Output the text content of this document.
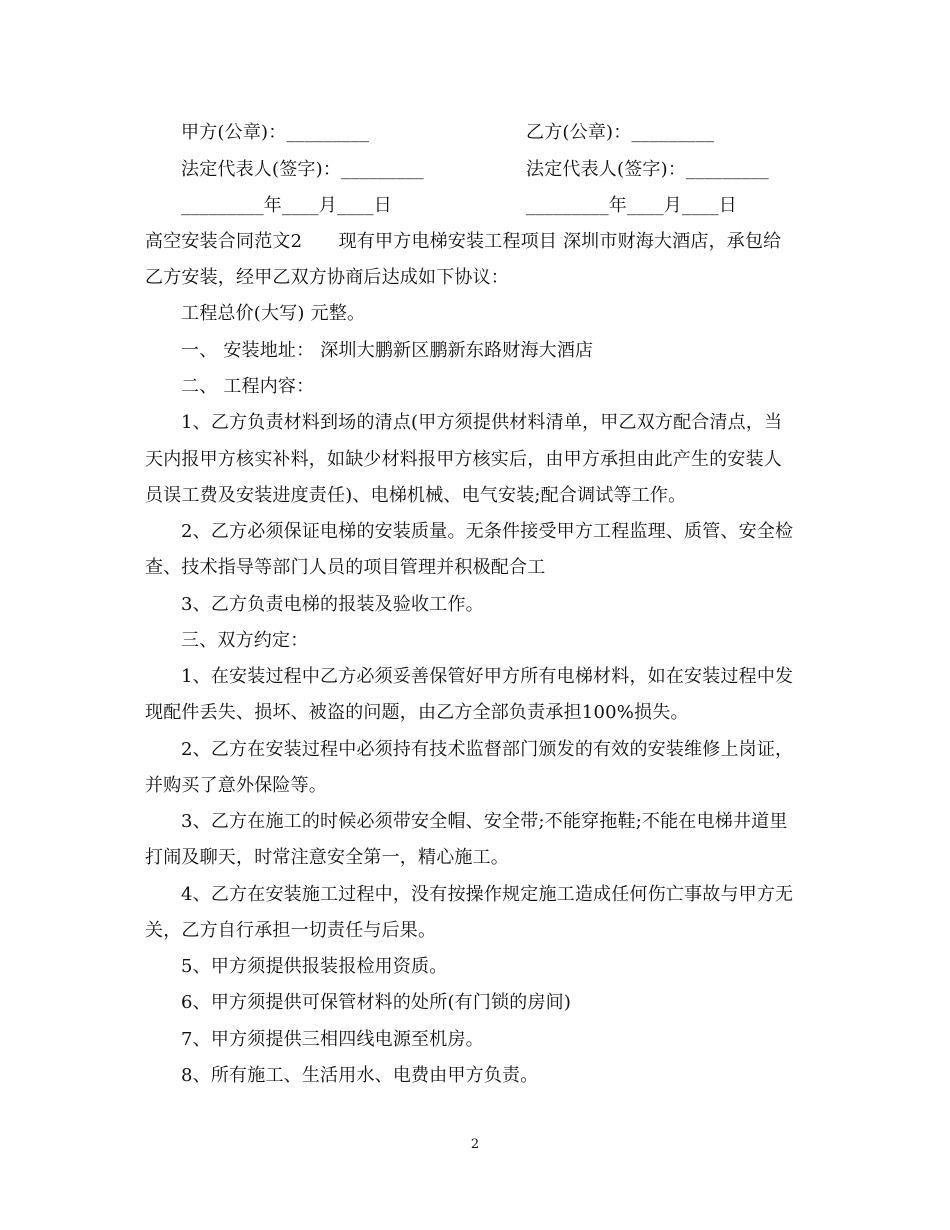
甲方(公章)：_________	乙方(公章)：_________
法定代表人(签字)：_________	法定代表人(签字)：_________
_________年____月____日	_________年____月____日
高空安装合同范文2　　现有甲方电梯安装工程项目 深圳市财海大酒店，承包给
乙方安装，经甲乙双方协商后达成如下协议：
工程总价(大写) 元整。
一、 安装地址： 深圳大鹏新区鹏新东路财海大酒店
二、 工程内容：
1、乙方负责材料到场的清点(甲方须提供材料清单，甲乙双方配合清点，当
天内报甲方核实补料，如缺少材料报甲方核实后，由甲方承担由此产生的安装人
员误工费及安装进度责任)、电梯机械、电气安装;配合调试等工作。
2、乙方必须保证电梯的安装质量。无条件接受甲方工程监理、质管、安全检
查、技术指导等部门人员的项目管理并积极配合工
3、乙方负责电梯的报装及验收工作。
三、双方约定：
1、在安装过程中乙方必须妥善保管好甲方所有电梯材料，如在安装过程中发
现配件丢失、损坏、被盗的问题，由乙方全部负责承担100%损失。
2、乙方在安装过程中必须持有技术监督部门颁发的有效的安装维修上岗证，
并购买了意外保险等。
3、乙方在施工的时候必须带安全帽、安全带;不能穿拖鞋;不能在电梯井道里
打闹及聊天，时常注意安全第一，精心施工。
4、乙方在安装施工过程中，没有按操作规定施工造成任何伤亡事故与甲方无
关，乙方自行承担一切责任与后果。
5、甲方须提供报装报检用资质。
6、甲方须提供可保管材料的处所(有门锁的房间)
7、甲方须提供三相四线电源至机房。
8、所有施工、生活用水、电费由甲方负责。
2
